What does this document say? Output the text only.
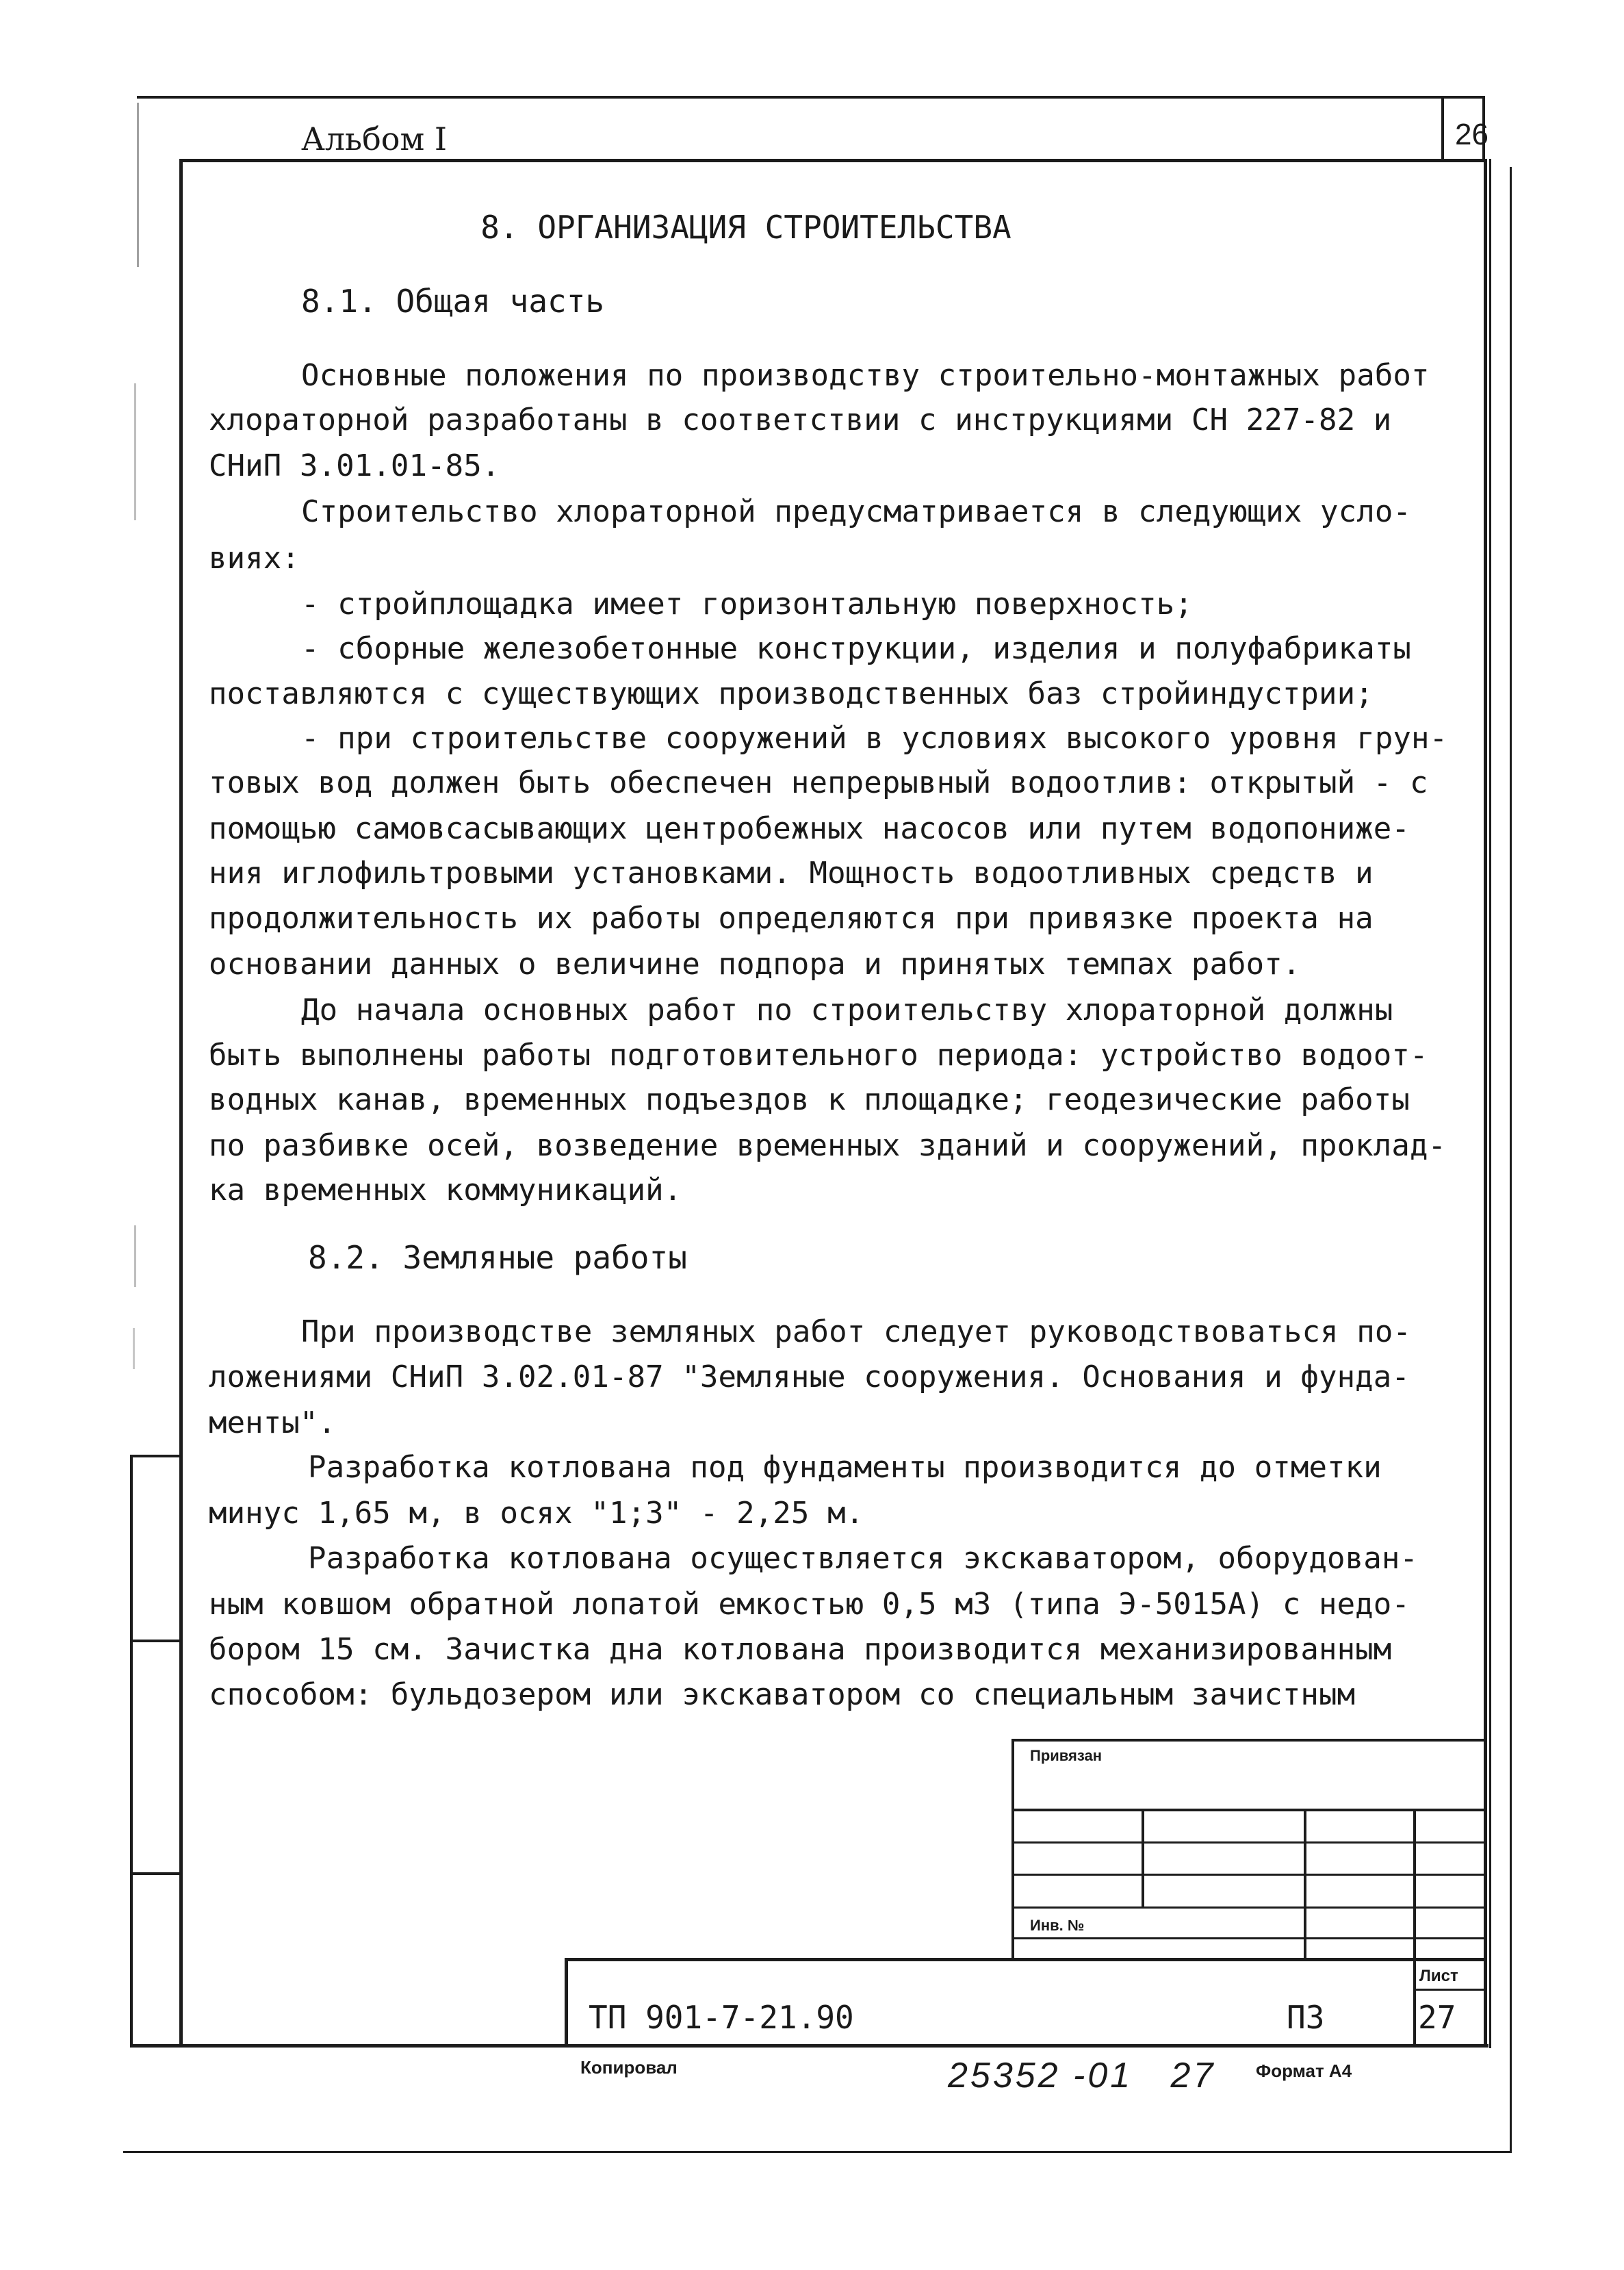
Альбом I	26
8. ОРГАНИЗАЦИЯ СТРОИТЕЛЬСТВА
8.1. Общая часть
Основные положения по производству строительно-монтажных работ
хлораторной разработаны в соответствии с инструкциями СН 227-82 и
СНиП 3.01.01-85.
Строительство хлораторной предусматривается в следующих усло-
виях:
- стройплощадка имеет горизонтальную поверхность;
- сборные железобетонные конструкции, изделия и полуфабрикаты
поставляются с существующих производственных баз стройиндустрии;
- при строительстве сооружений в условиях высокого уровня грун-
товых вод должен быть обеспечен непрерывный водоотлив: открытый - с
помощью самовсасывающих центробежных насосов или путем водопониже-
ния иглофильтровыми установками. Мощность водоотливных средств и
продолжительность их работы определяются при привязке проекта на
основании данных о величине подпора и принятых темпах работ.
До начала основных работ по строительству хлораторной должны
быть выполнены работы подготовительного периода: устройство водоот-
водных канав, временных подъездов к площадке; геодезические работы
по разбивке осей, возведение временных зданий и сооружений, проклад-
ка временных коммуникаций.
8.2. Земляные работы
При производстве земляных работ следует руководствоваться по-
ложениями СНиП 3.02.01-87 "Земляные сооружения. Основания и фунда-
менты".
Разработка котлована под фундаменты производится до отметки
минус 1,65 м, в осях "1;3" - 2,25 м.
Разработка котлована осуществляется экскаватором, оборудован-
ным ковшом обратной лопатой емкостью 0,5 м3 (типа Э-5015А) с недо-
бором 15 см. Зачистка дна котлована производится механизированным
способом: бульдозером или экскаватором со специальным зачистным
Привязан
Инв. №
Лист
ТП 901-7-21.90	ПЗ	27
Копировал	25352 -01   27 Формат А4
